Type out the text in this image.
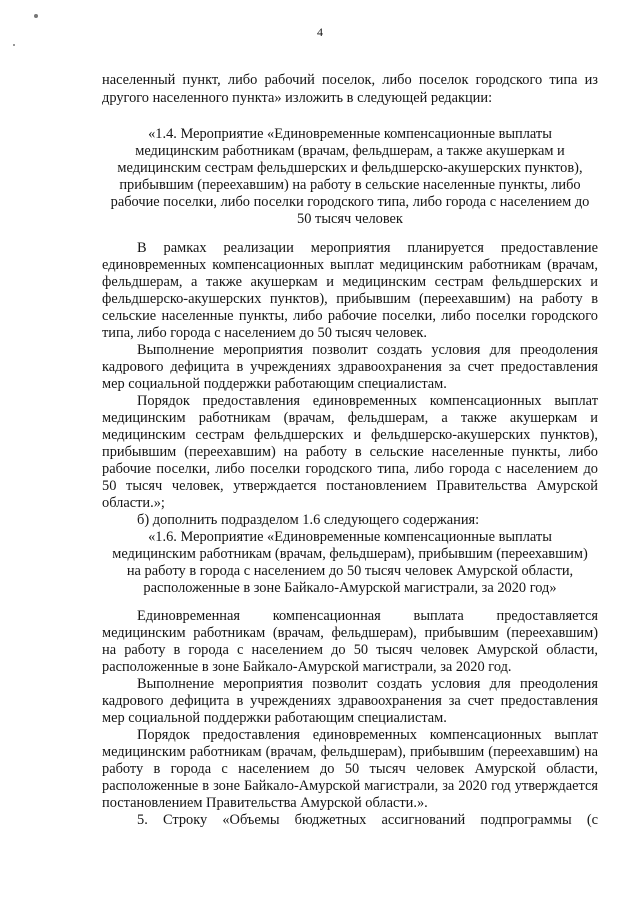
4
населенный пункт, либо рабочий поселок, либо поселок городского типа из
другого населенного пункта» изложить в следующей редакции:
«1.4. Мероприятие «Единовременные компенсационные выплаты
медицинским работникам (врачам, фельдшерам, а также акушеркам и
медицинским сестрам фельдшерских и фельдшерско-акушерских пунктов),
прибывшим (переехавшим) на работу в сельские населенные пункты, либо
рабочие поселки, либо поселки городского типа, либо города с населением до
50 тысяч человек
В рамках реализации мероприятия планируется предоставление
единовременных компенсационных выплат медицинским работникам (врачам,
фельдшерам, а также акушеркам и медицинским сестрам фельдшерских и
фельдшерско-акушерских пунктов), прибывшим (переехавшим) на работу в
сельские населенные пункты, либо рабочие поселки, либо поселки городского
типа, либо города с населением до 50 тысяч человек.
Выполнение мероприятия позволит создать условия для преодоления
кадрового дефицита в учреждениях здравоохранения за счет предоставления
мер социальной поддержки работающим специалистам.
Порядок предоставления единовременных компенсационных выплат
медицинским работникам (врачам, фельдшерам, а также акушеркам и
медицинским сестрам фельдшерских и фельдшерско-акушерских пунктов),
прибывшим (переехавшим) на работу в сельские населенные пункты, либо
рабочие поселки, либо поселки городского типа, либо города с населением до
50 тысяч человек, утверждается постановлением Правительства Амурской
области.»;
б) дополнить подразделом 1.6 следующего содержания:
«1.6. Мероприятие «Единовременные компенсационные выплаты
медицинским работникам (врачам, фельдшерам), прибывшим (переехавшим)
на работу в города с населением до 50 тысяч человек Амурской области,
расположенные в зоне Байкало-Амурской магистрали, за 2020 год»
Единовременная компенсационная выплата предоставляется
медицинским работникам (врачам, фельдшерам), прибывшим (переехавшим)
на работу в города с населением до 50 тысяч человек Амурской области,
расположенные в зоне Байкало-Амурской магистрали, за 2020 год.
Выполнение мероприятия позволит создать условия для преодоления
кадрового дефицита в учреждениях здравоохранения за счет предоставления
мер социальной поддержки работающим специалистам.
Порядок предоставления единовременных компенсационных выплат
медицинским работникам (врачам, фельдшерам), прибывшим (переехавшим) на
работу в города с населением до 50 тысяч человек Амурской области,
расположенные в зоне Байкало-Амурской магистрали, за 2020 год утверждается
постановлением Правительства Амурской области.».
5. Строку «Объемы бюджетных ассигнований подпрограммы (с
